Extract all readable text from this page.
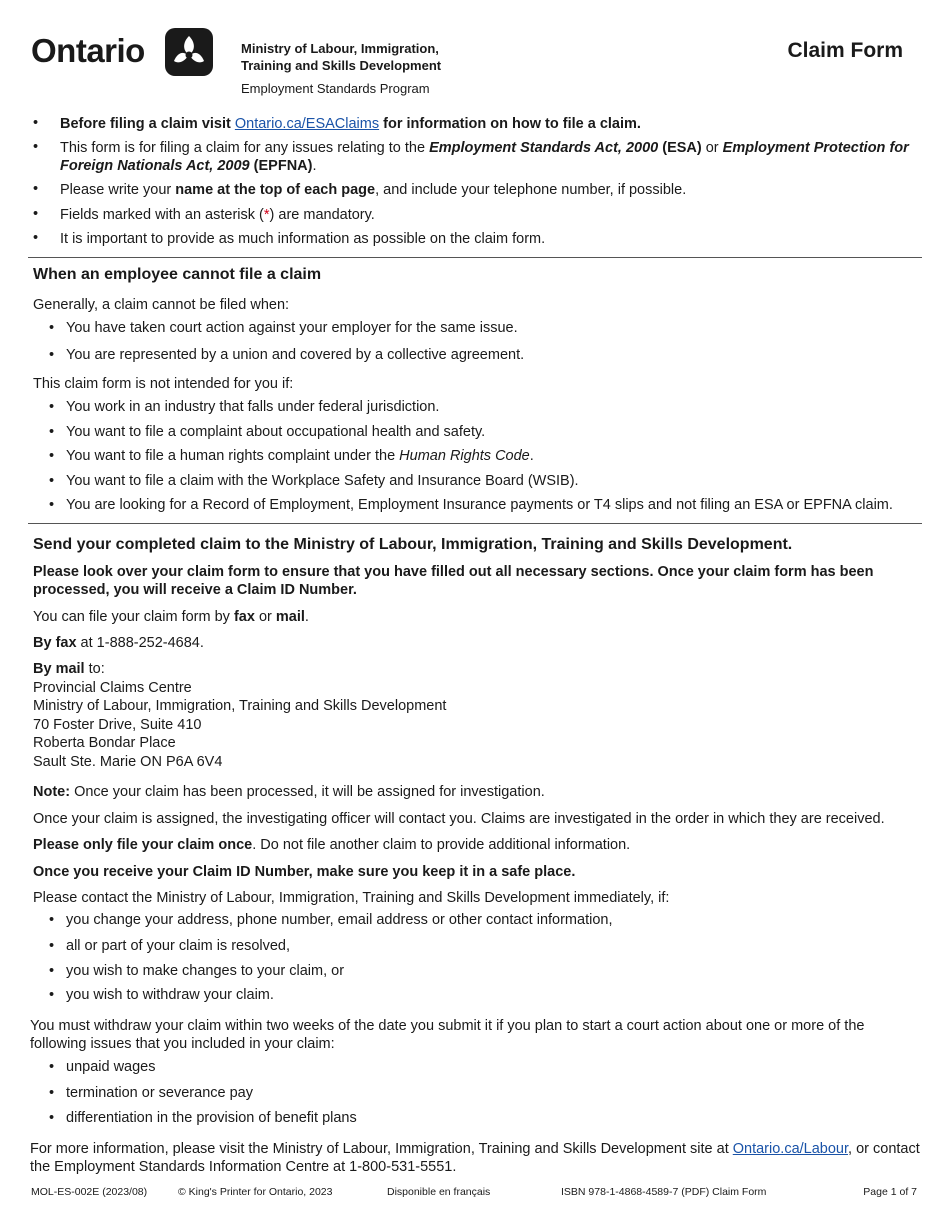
Ontario	Ministry of Labour, Immigration,
Training and Skills Development
Employment Standards Program
Claim Form
• Before filing a claim visit Ontario.ca/ESAClaims for information on how to file a claim.
• This form is for filing a claim for any issues relating to the Employment Standards Act, 2000 (ESA) or Employment Protection for Foreign Nationals Act, 2009 (EPFNA).
• Please write your name at the top of each page, and include your telephone number, if possible.
• Fields marked with an asterisk (*) are mandatory.
• It is important to provide as much information as possible on the claim form.
When an employee cannot file a claim
Generally, a claim cannot be filed when:
• You have taken court action against your employer for the same issue.
• You are represented by a union and covered by a collective agreement.
This claim form is not intended for you if:
• You work in an industry that falls under federal jurisdiction.
• You want to file a complaint about occupational health and safety.
• You want to file a human rights complaint under the Human Rights Code.
• You want to file a claim with the Workplace Safety and Insurance Board (WSIB).
• You are looking for a Record of Employment, Employment Insurance payments or T4 slips and not filing an ESA or EPFNA claim.
Send your completed claim to the Ministry of Labour, Immigration, Training and Skills Development.
Please look over your claim form to ensure that you have filled out all necessary sections. Once your claim form has been processed, you will receive a Claim ID Number.
You can file your claim form by fax or mail.
By fax at 1-888-252-4684.
By mail to:
Provincial Claims Centre
Ministry of Labour, Immigration, Training and Skills Development
70 Foster Drive, Suite 410
Roberta Bondar Place
Sault Ste. Marie ON P6A 6V4
Note: Once your claim has been processed, it will be assigned for investigation.
Once your claim is assigned, the investigating officer will contact you. Claims are investigated in the order in which they are received.
Please only file your claim once. Do not file another claim to provide additional information.
Once you receive your Claim ID Number, make sure you keep it in a safe place.
Please contact the Ministry of Labour, Immigration, Training and Skills Development immediately, if:
• you change your address, phone number, email address or other contact information,
• all or part of your claim is resolved,
• you wish to make changes to your claim, or
• you wish to withdraw your claim.
You must withdraw your claim within two weeks of the date you submit it if you plan to start a court action about one or more of the following issues that you included in your claim:
• unpaid wages
• termination or severance pay
• differentiation in the provision of benefit plans
For more information, please visit the Ministry of Labour, Immigration, Training and Skills Development site at Ontario.ca/Labour, or contact the Employment Standards Information Centre at 1-800-531-5551.
MOL-ES-002E (2023/08)	© King's Printer for Ontario, 2023	Disponible en français	ISBN 978-1-4868-4589-7 (PDF) Claim Form	Page 1 of 7
